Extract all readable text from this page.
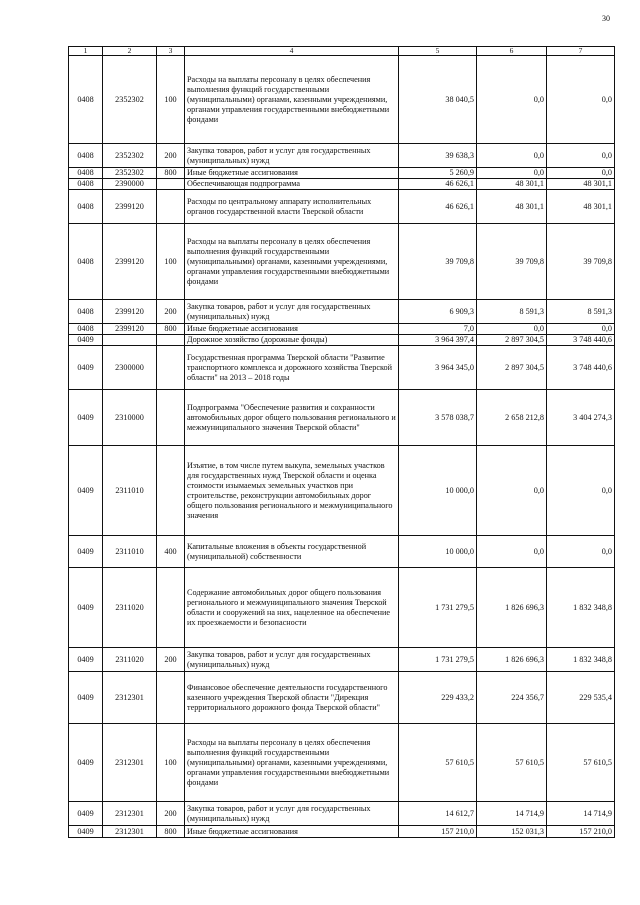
30
1	2	3	4	5	6	7
0408	2352302	100	Расходы на выплаты персоналу в целях обеспечения выполнения функций государственными (муниципальными) органами, казенными учреждениями, органами управления государственными внебюджетными фондами	38 040,5	0,0	0,0
0408	2352302	200	Закупка товаров, работ и услуг для государственных (муниципальных) нужд	39 638,3	0,0	0,0
0408	2352302	800	Иные бюджетные ассигнования	5 260,9	0,0	0,0
0408	2390000		Обеспечивающая подпрограмма	46 626,1	48 301,1	48 301,1
0408	2399120		Расходы по центральному аппарату исполнительных органов государственной власти Тверской области	46 626,1	48 301,1	48 301,1
0408	2399120	100	Расходы на выплаты персоналу в целях обеспечения выполнения функций государственными (муниципальными) органами, казенными учреждениями, органами управления государственными внебюджетными фондами	39 709,8	39 709,8	39 709,8
0408	2399120	200	Закупка товаров, работ и услуг для государственных (муниципальных) нужд	6 909,3	8 591,3	8 591,3
0408	2399120	800	Иные бюджетные ассигнования	7,0	0,0	0,0
0409			Дорожное хозяйство (дорожные фонды)	3 964 397,4	2 897 304,5	3 748 440,6
0409	2300000		Государственная программа Тверской области "Развитие транспортного комплекса и дорожного хозяйства Тверской области" на 2013 – 2018 годы	3 964 345,0	2 897 304,5	3 748 440,6
0409	2310000		Подпрограмма "Обеспечение развития и сохранности автомобильных дорог общего пользования регионального и межмуниципального значения Тверской области"	3 578 038,7	2 658 212,8	3 404 274,3
0409	2311010		Изъятие, в том числе путем выкупа, земельных участков для государственных нужд Тверской области и оценка стоимости изымаемых земельных участков при строительстве, реконструкции автомобильных дорог общего пользования регионального и межмуниципального значения	10 000,0	0,0	0,0
0409	2311010	400	Капитальные вложения в объекты государственной (муниципальной) собственности	10 000,0	0,0	0,0
0409	2311020		Содержание автомобильных дорог общего пользования регионального и межмуниципального значения Тверской области и сооружений на них, нацеленное на обеспечение их проезжаемости и безопасности	1 731 279,5	1 826 696,3	1 832 348,8
0409	2311020	200	Закупка товаров, работ и услуг для государственных (муниципальных) нужд	1 731 279,5	1 826 696,3	1 832 348,8
0409	2312301		Финансовое обеспечение деятельности государственного казенного учреждения Тверской области "Дирекция территориального дорожного фонда Тверской области"	229 433,2	224 356,7	229 535,4
0409	2312301	100	Расходы на выплаты персоналу в целях обеспечения выполнения функций государственными (муниципальными) органами, казенными учреждениями, органами управления государственными внебюджетными фондами	57 610,5	57 610,5	57 610,5
0409	2312301	200	Закупка товаров, работ и услуг для государственных (муниципальных) нужд	14 612,7	14 714,9	14 714,9
0409	2312301	800	Иные бюджетные ассигнования	157 210,0	152 031,3	157 210,0
